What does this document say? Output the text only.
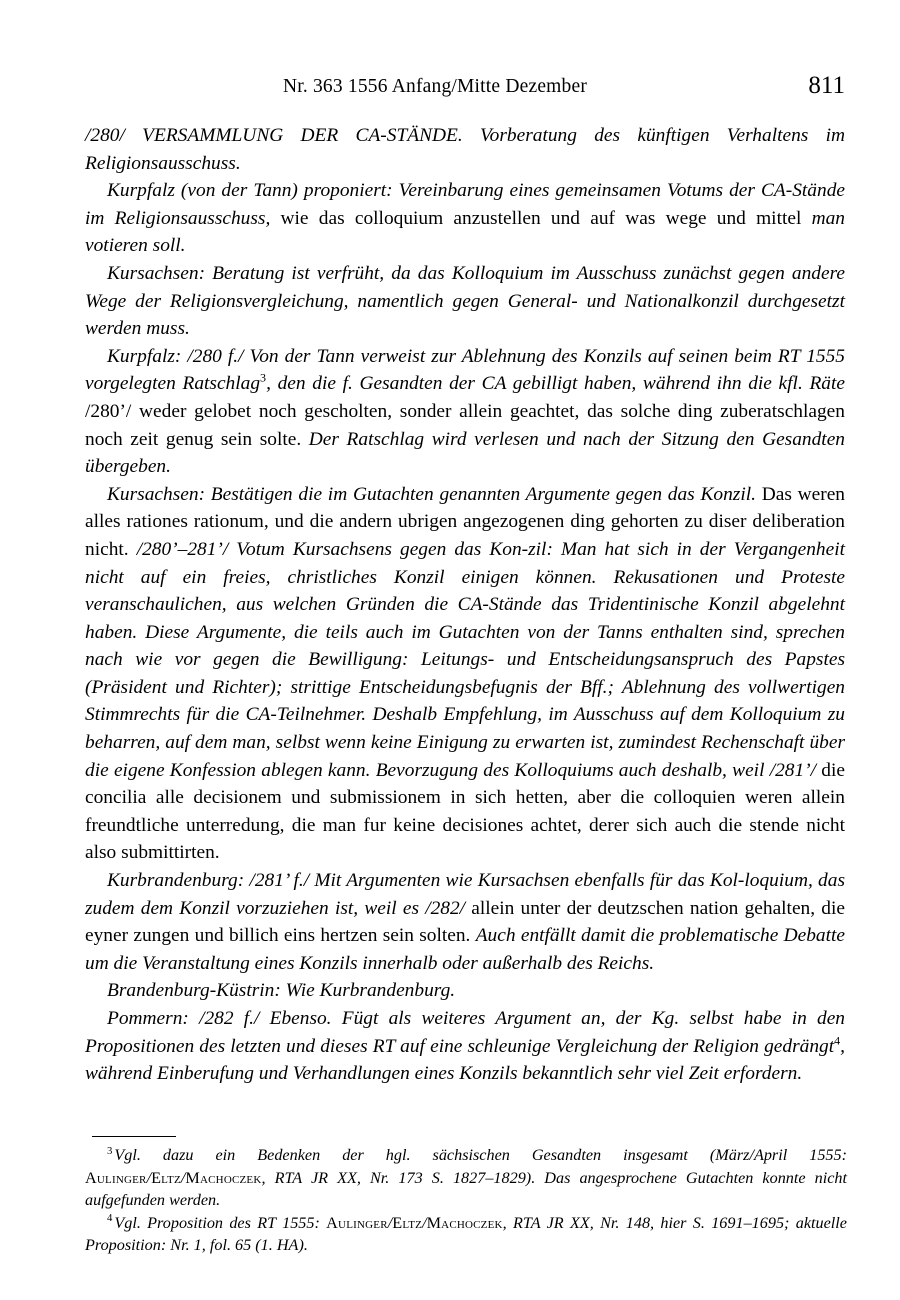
Nr. 363 1556 Anfang/Mitte Dezember	811

/280/ VERSAMMLUNG DER CA-STÄNDE. Vorberatung des künftigen Verhaltens im Religionsausschuss.

Kurpfalz (von der Tann) proponiert: Vereinbarung eines gemeinsamen Votums der CA-Stände im Religionsausschuss, wie das colloquium anzustellen und auf was wege und mittel man votieren soll.

Kursachsen: Beratung ist verfrüht, da das Kolloquium im Ausschuss zunächst gegen andere Wege der Religionsvergleichung, namentlich gegen General- und Nationalkonzil durchgesetzt werden muss.

Kurpfalz: /280 f./ Von der Tann verweist zur Ablehnung des Konzils auf seinen beim RT 1555 vorgelegten Ratschlag$^3$, den die f. Gesandten der CA gebilligt haben, während ihn die kfl. Räte /280’/ weder gelobet noch gescholten, sonder allein geachtet, das solche ding zuberatschlagen noch zeit genug sein solte. Der Ratschlag wird verlesen und nach der Sitzung den Gesandten übergeben.

Kursachsen: Bestätigen die im Gutachten genannten Argumente gegen das Konzil. Das weren alles rationes rationum, und die andern ubrigen angezogenen ding gehorten zu diser deliberation nicht. /280’–281’/ Votum Kursachsens gegen das Kon-zil: Man hat sich in der Vergangenheit nicht auf ein freies, christliches Konzil einigen können. Rekusationen und Proteste veranschaulichen, aus welchen Gründen die CA-Stände das Tridentinische Konzil abgelehnt haben. Diese Argumente, die teils auch im Gutachten von der Tanns enthalten sind, sprechen nach wie vor gegen die Bewilligung: Leitungs- und Entscheidungsanspruch des Papstes (Präsident und Richter); strittige Entscheidungsbefugnis der Bff.; Ablehnung des vollwertigen Stimmrechts für die CA-Teilnehmer. Deshalb Empfehlung, im Ausschuss auf dem Kolloquium zu beharren, auf dem man, selbst wenn keine Einigung zu erwarten ist, zumindest Rechenschaft über die eigene Konfession ablegen kann. Bevorzugung des Kolloquiums auch deshalb, weil /281’/ die concilia alle decisionem und submissionem in sich hetten, aber die colloquien weren allein freundtliche unterredung, die man fur keine decisiones achtet, derer sich auch die stende nicht also submittirten.

Kurbrandenburg: /281’ f./ Mit Argumenten wie Kursachsen ebenfalls für das Kol-loquium, das zudem dem Konzil vorzuziehen ist, weil es /282/ allein unter der deutzschen nation gehalten, die eyner zungen und billich eins hertzen sein solten. Auch entfällt damit die problematische Debatte um die Veranstaltung eines Konzils innerhalb oder außerhalb des Reichs.

Brandenburg-Küstrin: Wie Kurbrandenburg.

Pommern: /282 f./ Ebenso. Fügt als weiteres Argument an, der Kg. selbst habe in den Propositionen des letzten und dieses RT auf eine schleunige Vergleichung der Religion gedrängt$^4$, während Einberufung und Verhandlungen eines Konzils bekanntlich sehr viel Zeit erfordern.

$^3$ Vgl. dazu ein Bedenken der hgl. sächsischen Gesandten insgesamt (März/April 1555: Aulinger/Eltz/Machoczek, RTA JR XX, Nr. 173 S. 1827–1829). Das angesprochene Gutachten konnte nicht aufgefunden werden.

$^4$ Vgl. Proposition des RT 1555: Aulinger/Eltz/Machoczek, RTA JR XX, Nr. 148, hier S. 1691–1695; aktuelle Proposition: Nr. 1, fol. 65 (1. HA).
